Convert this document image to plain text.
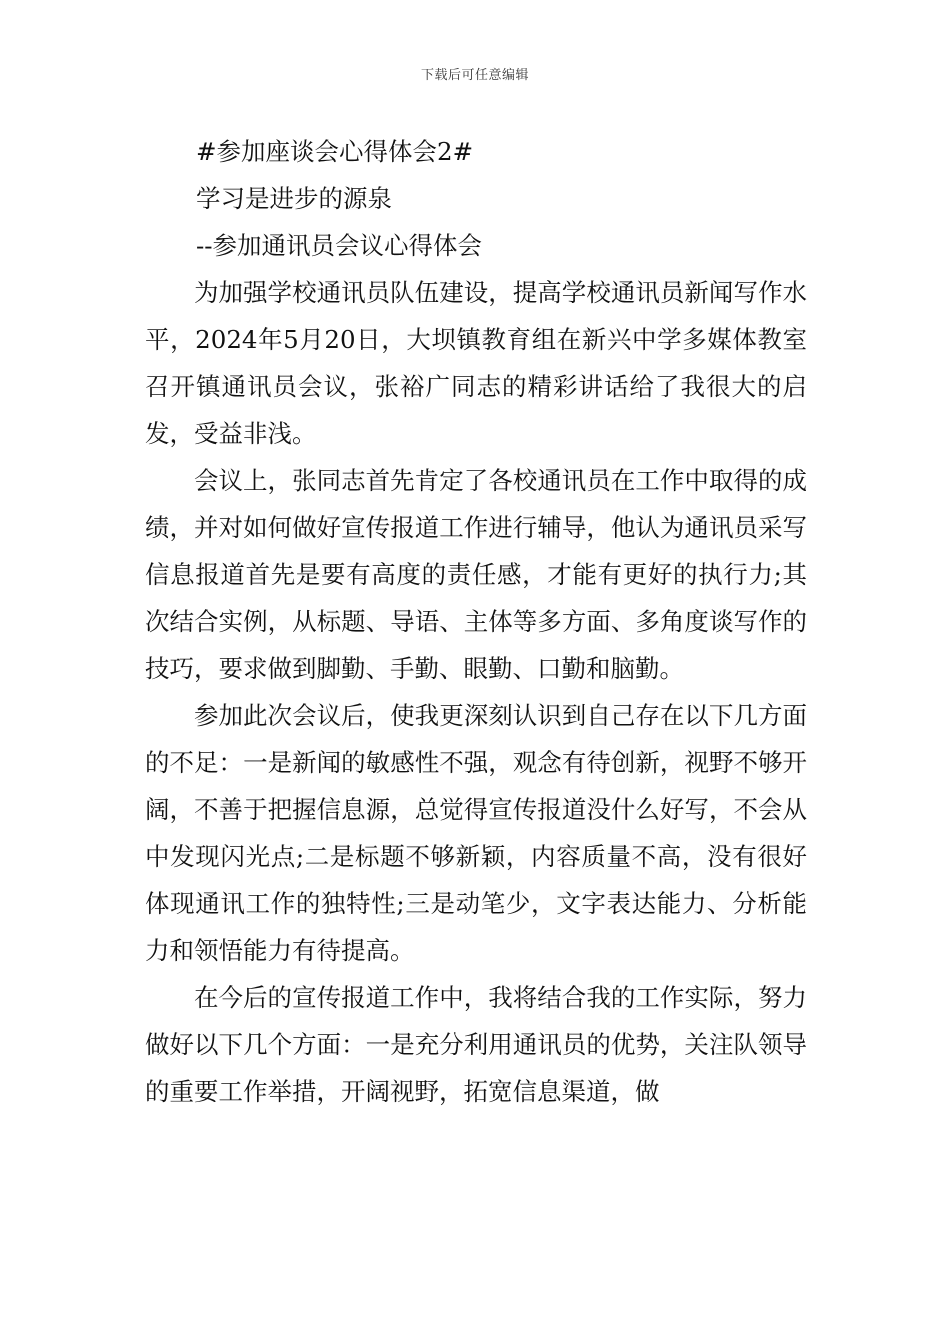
下载后可任意编辑

#参加座谈会心得体会2#

学习是进步的源泉

--参加通讯员会议心得体会

为加强学校通讯员队伍建设，提高学校通讯员新闻写作水平，2024年5月20日，大坝镇教育组在新兴中学多媒体教室召开镇通讯员会议，张裕广同志的精彩讲话给了我很大的启发，受益非浅。

会议上，张同志首先肯定了各校通讯员在工作中取得的成绩，并对如何做好宣传报道工作进行辅导，他认为通讯员采写信息报道首先是要有高度的责任感，才能有更好的执行力;其次结合实例，从标题、导语、主体等多方面、多角度谈写作的技巧，要求做到脚勤、手勤、眼勤、口勤和脑勤。

参加此次会议后，使我更深刻认识到自己存在以下几方面的不足：一是新闻的敏感性不强，观念有待创新，视野不够开阔，不善于把握信息源，总觉得宣传报道没什么好写，不会从中发现闪光点;二是标题不够新颖，内容质量不高，没有很好体现通讯工作的独特性;三是动笔少，文字表达能力、分析能力和领悟能力有待提高。

在今后的宣传报道工作中，我将结合我的工作实际，努力做好以下几个方面：一是充分利用通讯员的优势，关注队领导的重要工作举措，开阔视野，拓宽信息渠道，做
